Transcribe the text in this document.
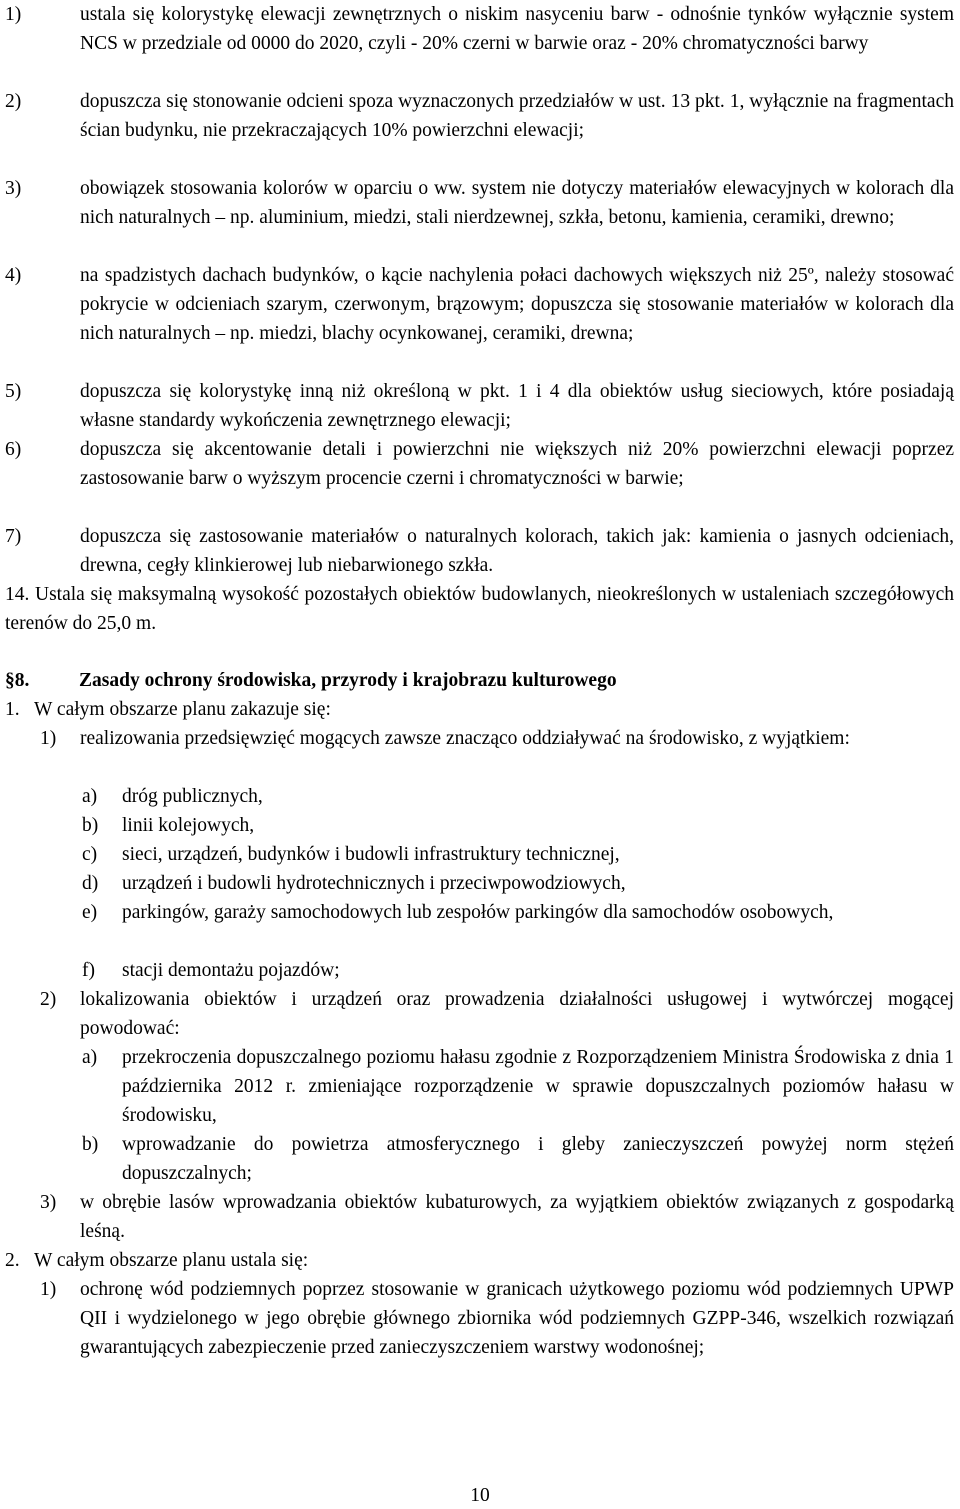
1)	ustala się kolorystykę elewacji zewnętrznych o niskim nasyceniu barw - odnośnie tynków wyłącznie system NCS w przedziale od 0000 do 2020, czyli - 20% czerni w barwie oraz - 20% chromatyczności barwy

2)	dopuszcza się stonowanie odcieni spoza wyznaczonych przedziałów w ust. 13 pkt. 1, wyłącznie na fragmentach ścian budynku, nie przekraczających 10% powierzchni elewacji;

3)	obowiązek stosowania kolorów w oparciu o ww. system nie dotyczy materiałów elewacyjnych w kolorach dla nich naturalnych – np. aluminium, miedzi, stali nierdzewnej, szkła, betonu, kamienia, ceramiki, drewno;

4)	na spadzistych dachach budynków, o kącie nachylenia połaci dachowych większych niż 25º, należy stosować pokrycie w odcieniach szarym, czerwonym, brązowym; dopuszcza się stosowanie materiałów w kolorach dla nich naturalnych – np. miedzi, blachy ocynkowanej, ceramiki, drewna;

5)	dopuszcza się kolorystykę inną niż określoną w pkt. 1 i 4 dla obiektów usług sieciowych, które posiadają własne standardy wykończenia zewnętrznego elewacji;

6)	dopuszcza się akcentowanie detali i powierzchni nie większych niż 20% powierzchni elewacji poprzez zastosowanie barw o wyższym procencie czerni i chromatyczności w barwie;

7)	dopuszcza się zastosowanie materiałów o naturalnych kolorach, takich jak: kamienia o jasnych odcieniach, drewna, cegły klinkierowej lub niebarwionego szkła.

14. Ustala się maksymalną wysokość pozostałych obiektów budowlanych, nieokreślonych w ustaleniach szczegółowych terenów do 25,0 m.

§8.	Zasady ochrony środowiska, przyrody i krajobrazu kulturowego
1. W całym obszarze planu zakazuje się:

1) realizowania przedsięwzięć mogących zawsze znacząco oddziaływać na środowisko, z wyjątkiem:

a) dróg publicznych,

b) linii kolejowych,

c) sieci, urządzeń, budynków i budowli infrastruktury technicznej,

d) urządzeń i budowli hydrotechnicznych i przeciwpowodziowych,

e) parkingów, garaży samochodowych lub zespołów parkingów dla samochodów osobowych,

f) stacji demontażu pojazdów;

2) lokalizowania obiektów i urządzeń oraz prowadzenia działalności usługowej i wytwórczej mogącej powodować:

a) przekroczenia dopuszczalnego poziomu hałasu zgodnie z Rozporządzeniem Ministra Środowiska z dnia 1 października 2012 r. zmieniające rozporządzenie w sprawie dopuszczalnych poziomów hałasu w środowisku,

b) wprowadzanie do powietrza atmosferycznego i gleby zanieczyszczeń powyżej norm stężeń dopuszczalnych;

3) w obrębie lasów wprowadzania obiektów kubaturowych, za wyjątkiem obiektów związanych z gospodarką leśną.

2. W całym obszarze planu ustala się:

1) ochronę wód podziemnych poprzez stosowanie w granicach użytkowego poziomu wód podziemnych UPWP QII i wydzielonego w jego obrębie głównego zbiornika wód podziemnych GZPP-346, wszelkich rozwiązań gwarantujących zabezpieczenie przed zanieczyszczeniem warstwy wodonośnej;

10
